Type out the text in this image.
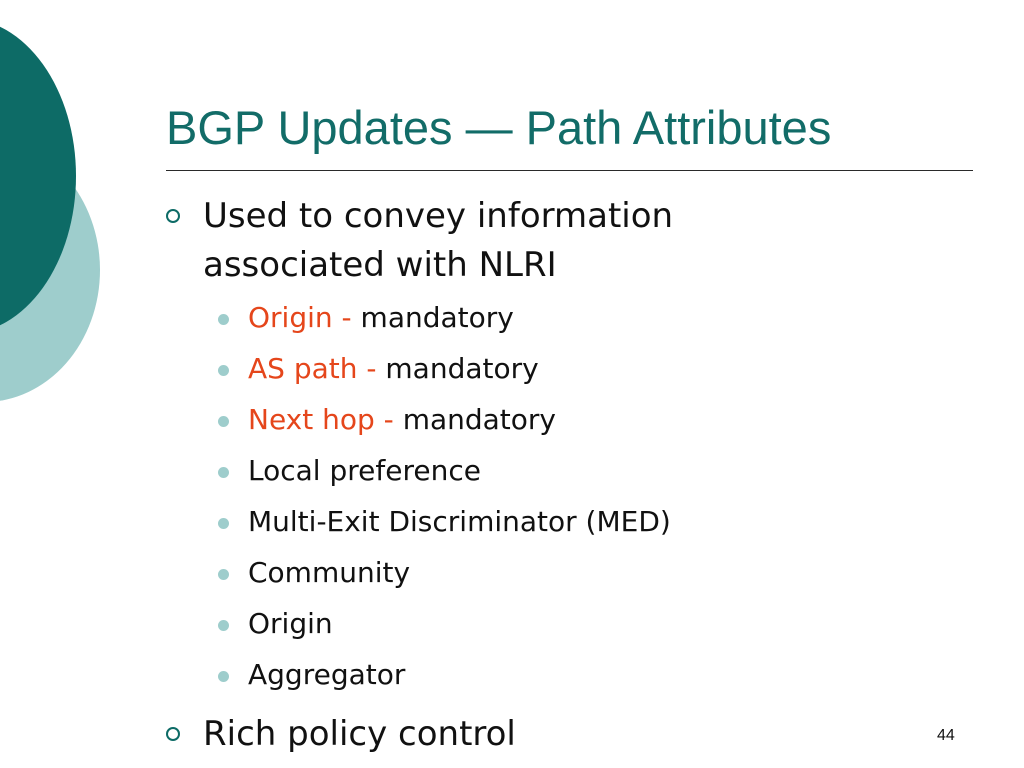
BGP Updates — Path Attributes
Used to convey information
associated with NLRI
Origin - mandatory
AS path - mandatory
Next hop - mandatory
Local preference
Multi-Exit Discriminator (MED)
Community
Origin
Aggregator
Rich policy control	44
